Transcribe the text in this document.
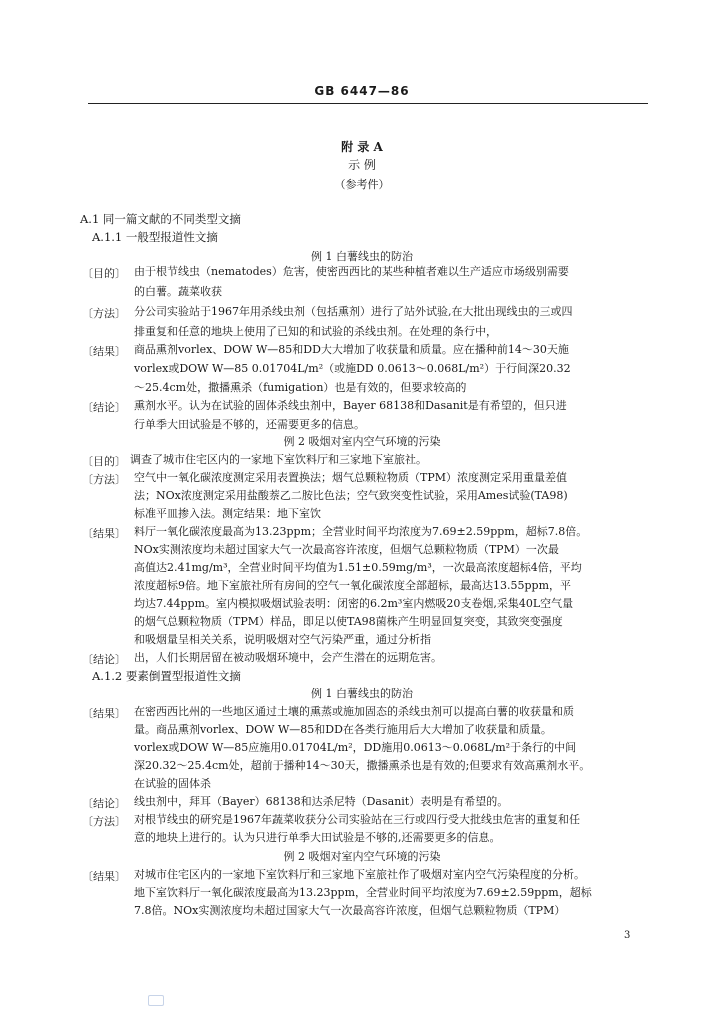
GB 6447—86
附 录 A
示 例
（参考件）
A.1 同一篇文献的不同类型文摘
A.1.1 一般型报道性文摘
例 1 白薯线虫的防治
〔目的〕 由于根节线虫（nematodes）危害，使密西西比的某些种植者难以生产适应市场级别需要
的白薯。蔬菜收获
〔方法〕 分公司实验站于1967年用杀线虫剂（包括熏剂）进行了站外试验,在大批出现线虫的三或四
排重复和任意的地块上使用了已知的和试验的杀线虫剂。在处理的条行中，
〔结果〕 商品熏剂vorlex、DOW W—85和DD大大增加了收获量和质量。应在播种前14～30天施
vorlex或DOW W—85 0.01704L/m²（或施DD 0.0613～0.068L/m²）于行间深20.32
～25.4cm处，撒播熏杀（fumigation）也是有效的，但要求较高的
〔结论〕 熏剂水平。认为在试验的固体杀线虫剂中，Bayer 68138和Dasanit是有希望的，但只进
行单季大田试验是不够的，还需要更多的信息。
例 2 吸烟对室内空气环境的污染
〔目的〕 调查了城市住宅区内的一家地下室饮料厅和三家地下室旅社。
〔方法〕 空气中一氧化碳浓度测定采用表置换法；烟气总颗粒物质（TPM）浓度测定采用重量差值
法；NOx浓度测定采用盐酸萘乙二胺比色法；空气致突变性试验，采用Ames试验(TA98)
标准平皿掺入法。测定结果：地下室饮
〔结果〕 料厅一氧化碳浓度最高为13.23ppm；全营业时间平均浓度为7.69±2.59ppm，超标7.8倍。
NOx实测浓度均未超过国家大气一次最高容许浓度，但烟气总颗粒物质（TPM）一次最
高值达2.41mg/m³，全营业时间平均值为1.51±0.59mg/m³，一次最高浓度超标4倍，平均
浓度超标9倍。地下室旅社所有房间的空气一氧化碳浓度全部超标，最高达13.55ppm，平
均达7.44ppm。室内模拟吸烟试验表明：闭密的6.2m³室内燃吸20支卷烟,采集40L空气量
的烟气总颗粒物质（TPM）样品，即足以使TA98菌株产生明显回复突变，其致突变强度
和吸烟量呈相关关系，说明吸烟对空气污染严重，通过分析指
〔结论〕 出，人们长期居留在被动吸烟环境中，会产生潜在的远期危害。
A.1.2 要素倒置型报道性文摘
例 1 白薯线虫的防治
〔结果〕 在密西西比州的一些地区通过土壤的熏蒸或施加固态的杀线虫剂可以提高白薯的收获量和质
量。商品熏剂vorlex、DOW W—85和DD在各类行施用后大大增加了收获量和质量。
vorlex或DOW W—85应施用0.01704L/m²，DD施用0.0613～0.068L/m²于条行的中间
深20.32～25.4cm处，超前于播种14～30天，撒播熏杀也是有效的;但要求有效高熏剂水平。
在试验的固体杀
〔结论〕 线虫剂中，拜耳（Bayer）68138和达杀尼特（Dasanit）表明是有希望的。
〔方法〕 对根节线虫的研究是1967年蔬菜收获分公司实验站在三行或四行受大批线虫危害的重复和任
意的地块上进行的。认为只进行单季大田试验是不够的,还需要更多的信息。
例 2 吸烟对室内空气环境的污染
〔结果〕 对城市住宅区内的一家地下室饮料厅和三家地下室旅社作了吸烟对室内空气污染程度的分析。
地下室饮料厅一氧化碳浓度最高为13.23ppm，全营业时间平均浓度为7.69±2.59ppm，超标
7.8倍。NOx实测浓度均未超过国家大气一次最高容许浓度，但烟气总颗粒物质（TPM）
3
